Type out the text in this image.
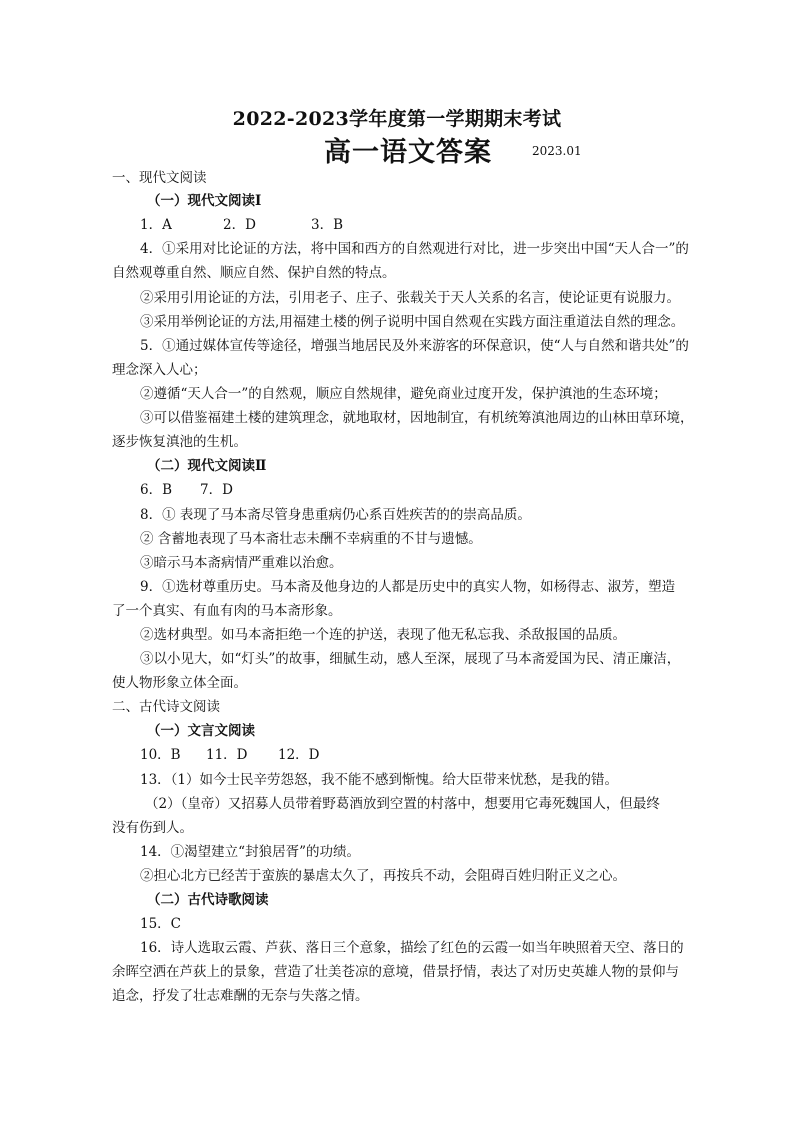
2022-2023学年度第一学期期末考试
高一语文答案	2023.01
一、现代文阅读
（一）现代文阅读Ⅰ
1．A	2．D	3．B
4．①采用对比论证的方法，将中国和西方的自然观进行对比，进一步突出中国“天人合一”的
自然观尊重自然、顺应自然、保护自然的特点。
②采用引用论证的方法，引用老子、庄子、张载关于天人关系的名言，使论证更有说服力。
③采用举例论证的方法,用福建土楼的例子说明中国自然观在实践方面注重道法自然的理念。
5．①通过媒体宣传等途径，增强当地居民及外来游客的环保意识，使“人与自然和谐共处”的
理念深入人心；
②遵循“天人合一”的自然观，顺应自然规律，避免商业过度开发，保护滇池的生态环境；
③可以借鉴福建土楼的建筑理念，就地取材，因地制宜，有机统筹滇池周边的山林田草环境，
逐步恢复滇池的生机。
（二）现代文阅读Ⅱ
6．B 7．D
8．① 表现了马本斋尽管身患重病仍心系百姓疾苦的的崇高品质。
② 含蓄地表现了马本斋壮志未酬不幸病重的不甘与遗憾。
③暗示马本斋病情严重难以治愈。
9．①选材尊重历史。马本斋及他身边的人都是历史中的真实人物，如杨得志、淑芳，塑造
了一个真实、有血有肉的马本斋形象。
②选材典型。如马本斋拒绝一个连的护送，表现了他无私忘我、杀敌报国的品质。
③以小见大，如“灯头”的故事，细腻生动，感人至深，展现了马本斋爱国为民、清正廉洁，
使人物形象立体全面。
二、古代诗文阅读
（一）文言文阅读
10．B 11．D 12．D
13．（1）如今士民辛劳怨怒，我不能不感到惭愧。给大臣带来忧愁，是我的错。
（2）（皇帝）又招募人员带着野葛酒放到空置的村落中，想要用它毒死魏国人，但最终
没有伤到人。
14．①渴望建立“封狼居胥”的功绩。
②担心北方已经苦于蛮族的暴虐太久了，再按兵不动，会阻碍百姓归附正义之心。
（二）古代诗歌阅读
15．C
16．诗人选取云霞、芦荻、落日三个意象，描绘了红色的云霞一如当年映照着天空、落日的
余晖空洒在芦荻上的景象，营造了壮美苍凉的意境，借景抒情，表达了对历史英雄人物的景仰与
追念，抒发了壮志难酬的无奈与失落之情。
